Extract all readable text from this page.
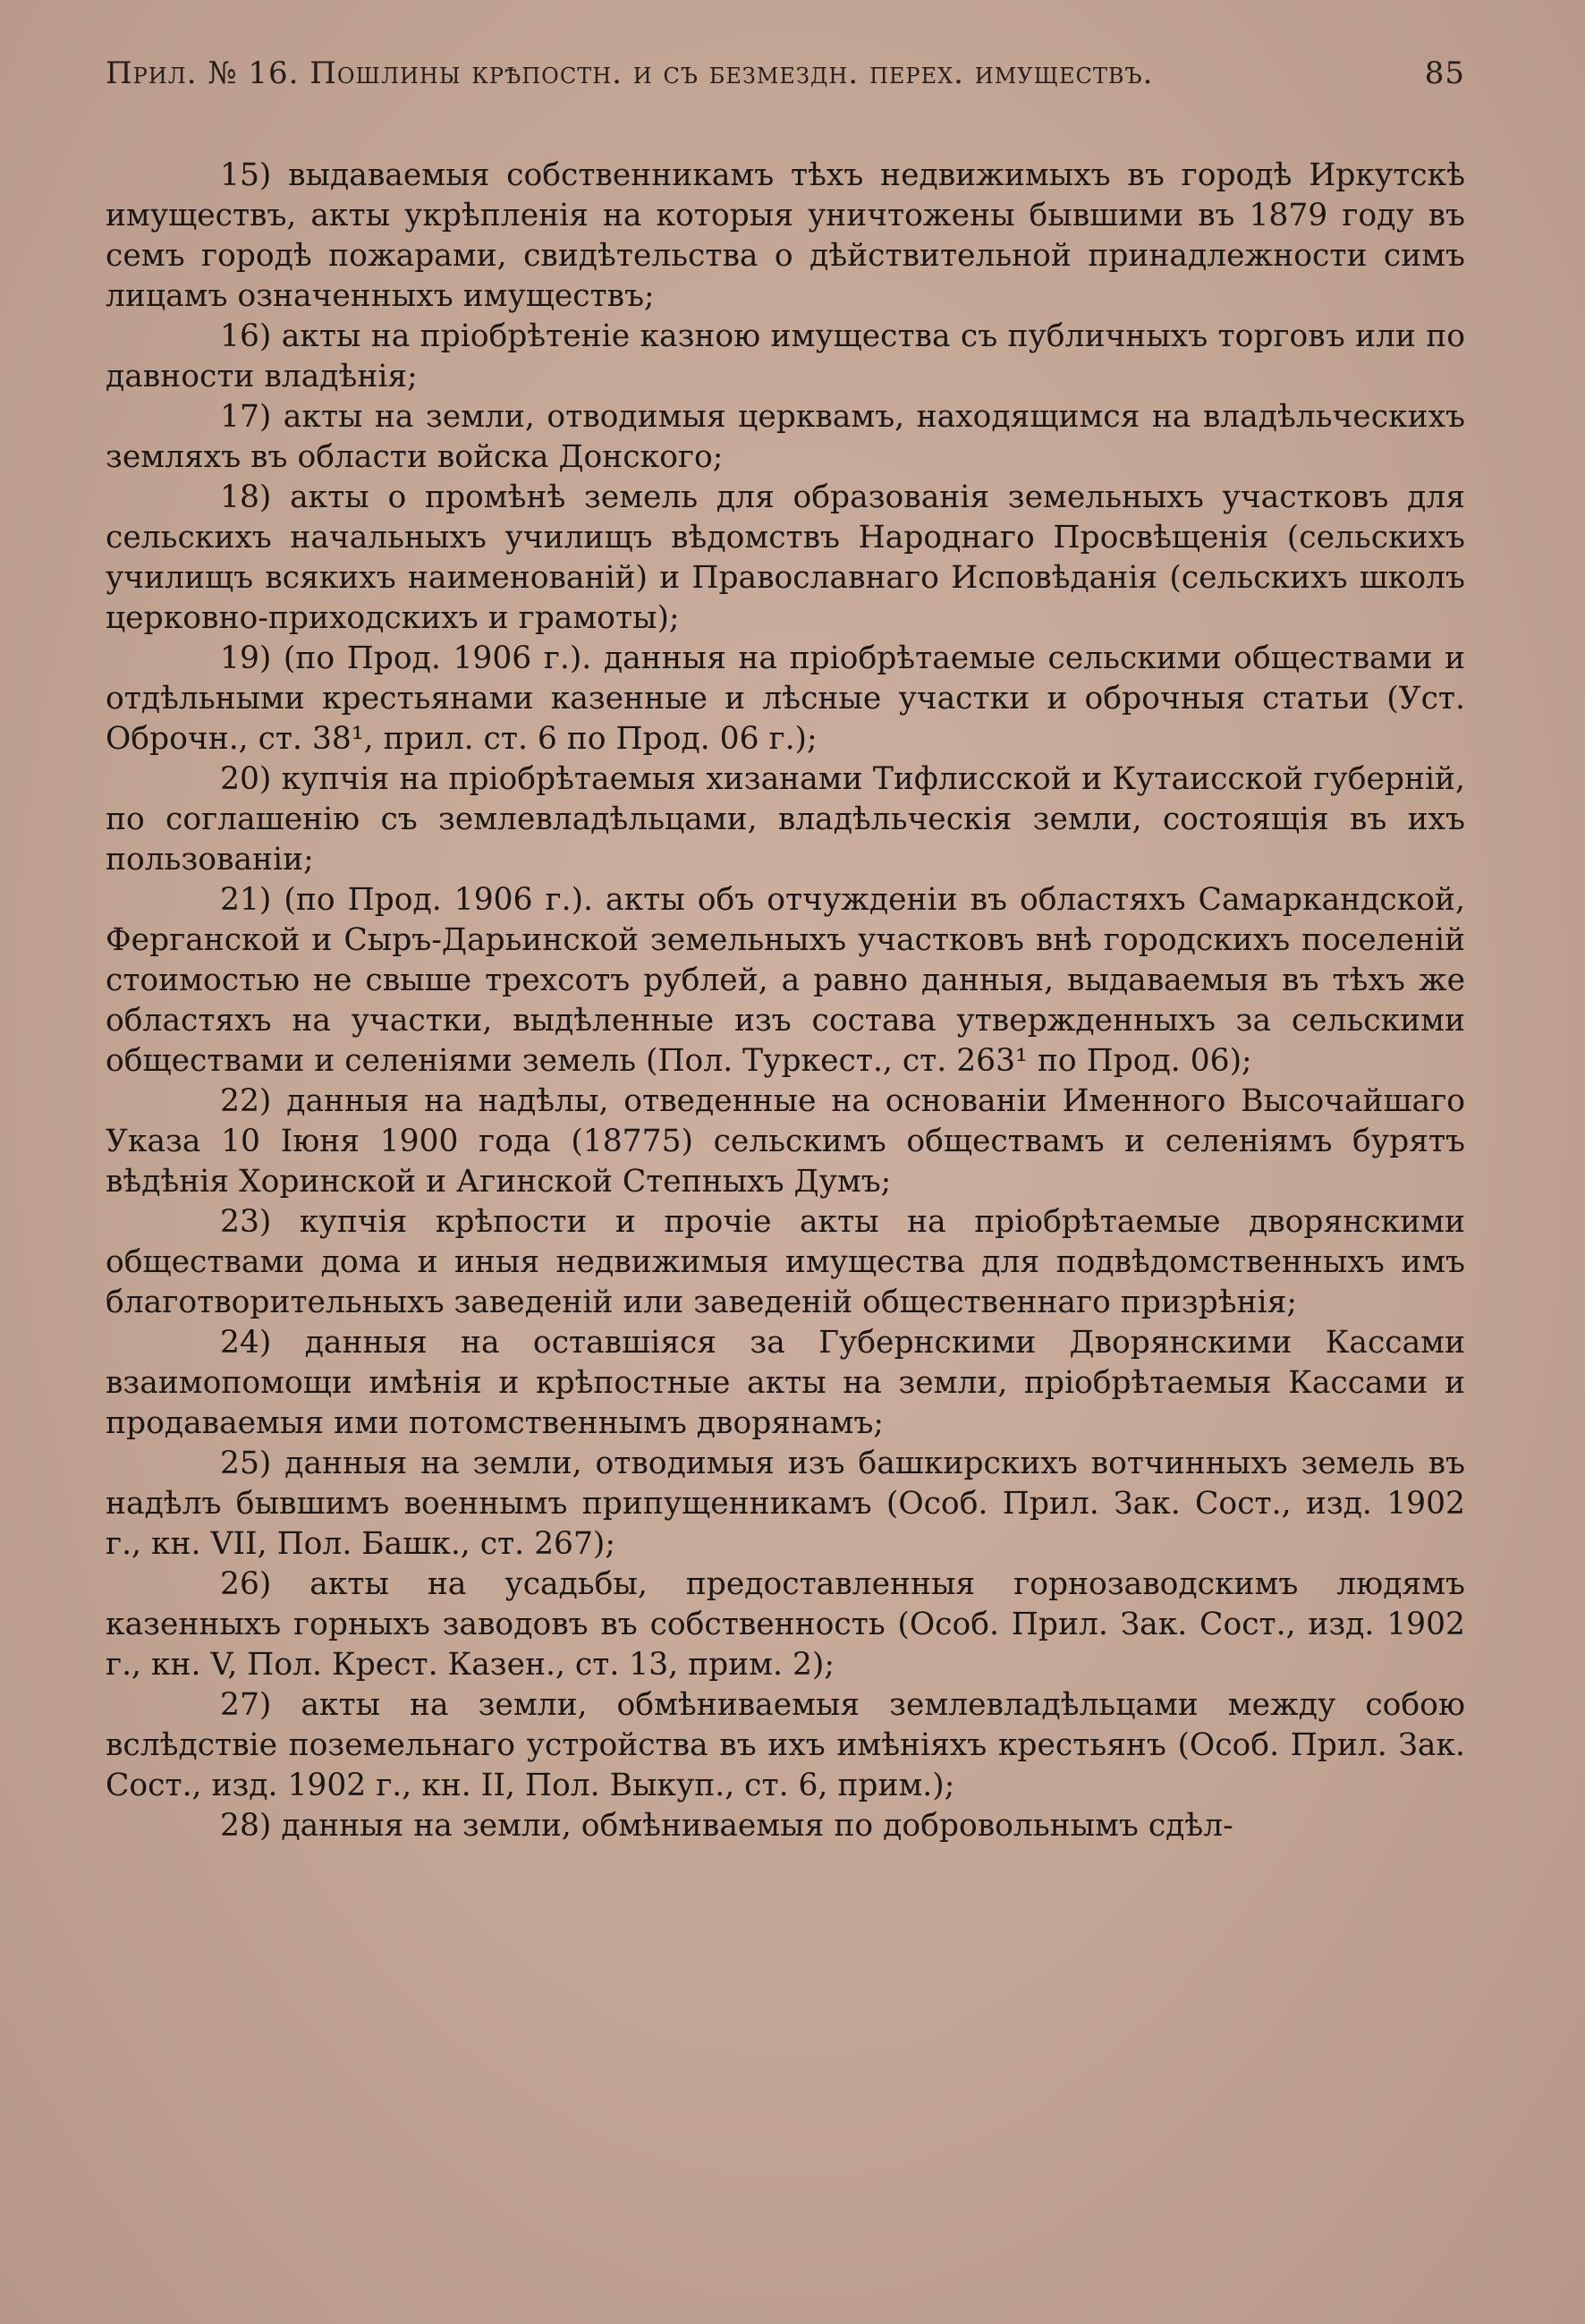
Прил. № 16. Пошлины крѣпостн. и съ безмездн. перех. имуществъ.	85

15) выдаваемыя собственникамъ тѣхъ недвижимыхъ въ городѣ Иркутскѣ имуществъ, акты укрѣпленія на которыя уничтожены бывшими въ 1879 году въ семъ городѣ пожарами, свидѣтельства о дѣйствительной принадлежности симъ лицамъ означенныхъ имуществъ;

16) акты на пріобрѣтеніе казною имущества съ публичныхъ торговъ или по давности владѣнія;

17) акты на земли, отводимыя церквамъ, находящимся на владѣльческихъ земляхъ въ области войска Донского;

18) акты о промѣнѣ земель для образованія земельныхъ участковъ для сельскихъ начальныхъ училищъ вѣдомствъ Народнаго Просвѣщенія (сельскихъ училищъ всякихъ наименованій) и Православнаго Исповѣданія (сельскихъ школъ церковно-приходскихъ и грамоты);

19) (по Прод. 1906 г.). данныя на пріобрѣтаемые сельскими обществами и отдѣльными крестьянами казенные и лѣсные участки и оброчныя статьи (Уст. Оброчн., ст. 38¹, прил. ст. 6 по Прод. 06 г.);

20) купчія на пріобрѣтаемыя хизанами Тифлисской и Кутаисской губерній, по соглашенію съ землевладѣльцами, владѣльческія земли, состоящія въ ихъ пользованіи;

21) (по Прод. 1906 г.). акты объ отчужденіи въ областяхъ Самаркандской, Ферганской и Сыръ-Дарьинской земельныхъ участковъ внѣ городскихъ поселеній стоимостью не свыше трехсотъ рублей, а равно данныя, выдаваемыя въ тѣхъ же областяхъ на участки, выдѣленные изъ состава утвержденныхъ за сельскими обществами и селеніями земель (Пол. Туркест., ст. 263¹ по Прод. 06);

22) данныя на надѣлы, отведенные на основаніи Именного Высочайшаго Указа 10 Іюня 1900 года (18775) сельскимъ обществамъ и селеніямъ бурятъ вѣдѣнія Хоринской и Агинской Степныхъ Думъ;

23) купчія крѣпости и прочіе акты на пріобрѣтаемые дворянскими обществами дома и иныя недвижимыя имущества для подвѣдомственныхъ имъ благотворительныхъ заведеній или заведеній общественнаго призрѣнія;

24) данныя на оставшіяся за Губернскими Дворянскими Кассами взаимопомощи имѣнія и крѣпостные акты на земли, пріобрѣтаемыя Кассами и продаваемыя ими потомственнымъ дворянамъ;

25) данныя на земли, отводимыя изъ башкирскихъ вотчинныхъ земель въ надѣлъ бывшимъ военнымъ припущенникамъ (Особ. Прил. Зак. Сост., изд. 1902 г., кн. VII, Пол. Башк., ст. 267);

26) акты на усадьбы, предоставленныя горнозаводскимъ людямъ казенныхъ горныхъ заводовъ въ собственность (Особ. Прил. Зак. Сост., изд. 1902 г., кн. V, Пол. Крест. Казен., ст. 13, прим. 2);

27) акты на земли, обмѣниваемыя землевладѣльцами между собою вслѣдствіе поземельнаго устройства въ ихъ имѣніяхъ крестьянъ (Особ. Прил. Зак. Сост., изд. 1902 г., кн. II, Пол. Выкуп., ст. 6, прим.);

28) данныя на земли, обмѣниваемыя по добровольнымъ сдѣл-
